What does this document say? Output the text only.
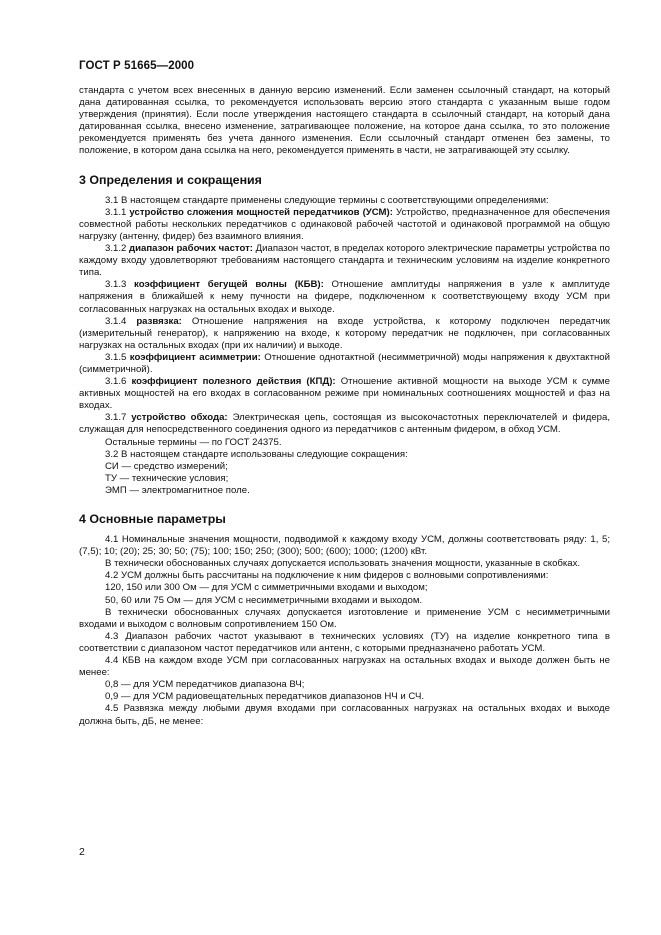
ГОСТ Р 51665—2000

стандарта с учетом всех внесенных в данную версию изменений. Если заменен ссылочный стандарт, на который дана датированная ссылка, то рекомендуется использовать версию этого стандарта с указанным выше годом утверждения (принятия). Если после утверждения настоящего стандарта в ссылочный стандарт, на который дана датированная ссылка, внесено изменение, затрагивающее положение, на которое дана ссылка, то это положение рекомендуется применять без учета данного изменения. Если ссылочный стандарт отменен без замены, то положение, в котором дана ссылка на него, рекомендуется применять в части, не затрагивающей эту ссылку.

3 Определения и сокращения

3.1 В настоящем стандарте применены следующие термины с соответствующими определениями:

3.1.1 устройство сложения мощностей передатчиков (УСМ): Устройство, предназначенное для обеспечения совместной работы нескольких передатчиков с одинаковой рабочей частотой и одинаковой программой на общую нагрузку (антенну, фидер) без взаимного влияния.

3.1.2 диапазон рабочих частот: Диапазон частот, в пределах которого электрические параметры устройства по каждому входу удовлетворяют требованиям настоящего стандарта и техническим условиям на изделие конкретного типа.

3.1.3 коэффициент бегущей волны (КБВ): Отношение амплитуды напряжения в узле к амплитуде напряжения в ближайшей к нему пучности на фидере, подключенном к соответствующему входу УСМ при согласованных нагрузках на остальных входах и выходе.

3.1.4 развязка: Отношение напряжения на входе устройства, к которому подключен передатчик (измерительный генератор), к напряжению на входе, к которому передатчик не подключен, при согласованных нагрузках на остальных входах (при их наличии) и выходе.

3.1.5 коэффициент асимметрии: Отношение однотактной (несимметричной) моды напряжения к двухтактной (симметричной).

3.1.6 коэффициент полезного действия (КПД): Отношение активной мощности на выходе УСМ к сумме активных мощностей на его входах в согласованном режиме при номинальных соотношениях мощностей и фаз на входах.

3.1.7 устройство обхода: Электрическая цепь, состоящая из высокочастотных переключателей и фидера, служащая для непосредственного соединения одного из передатчиков с антенным фидером, в обход УСМ.

Остальные термины — по ГОСТ 24375.

3.2 В настоящем стандарте использованы следующие сокращения:

СИ — средство измерений;

ТУ — технические условия;

ЭМП — электромагнитное поле.

4 Основные параметры

4.1 Номинальные значения мощности, подводимой к каждому входу УСМ, должны соответствовать ряду: 1, 5; (7,5); 10; (20); 25; 30; 50; (75); 100; 150; 250; (300); 500; (600); 1000; (1200) кВт.

В технически обоснованных случаях допускается использовать значения мощности, указанные в скобках.

4.2 УСМ должны быть рассчитаны на подключение к ним фидеров с волновыми сопротивлениями:

120, 150 или 300 Ом — для УСМ с симметричными входами и выходом;

50, 60 или 75 Ом — для УСМ с несимметричными входами и выходом.

В технически обоснованных случаях допускается изготовление и применение УСМ с несимметричными входами и выходом с волновым сопротивлением 150 Ом.

4.3 Диапазон рабочих частот указывают в технических условиях (ТУ) на изделие конкретного типа в соответствии с диапазоном частот передатчиков или антенн, с которыми предназначено работать УСМ.

4.4 КБВ на каждом входе УСМ при согласованных нагрузках на остальных входах и выходе должен быть не менее:

0,8 — для УСМ передатчиков диапазона ВЧ;

0,9 — для УСМ радиовещательных передатчиков диапазонов НЧ и СЧ.

4.5 Развязка между любыми двумя входами при согласованных нагрузках на остальных входах и выходе должна быть, дБ, не менее:

2
